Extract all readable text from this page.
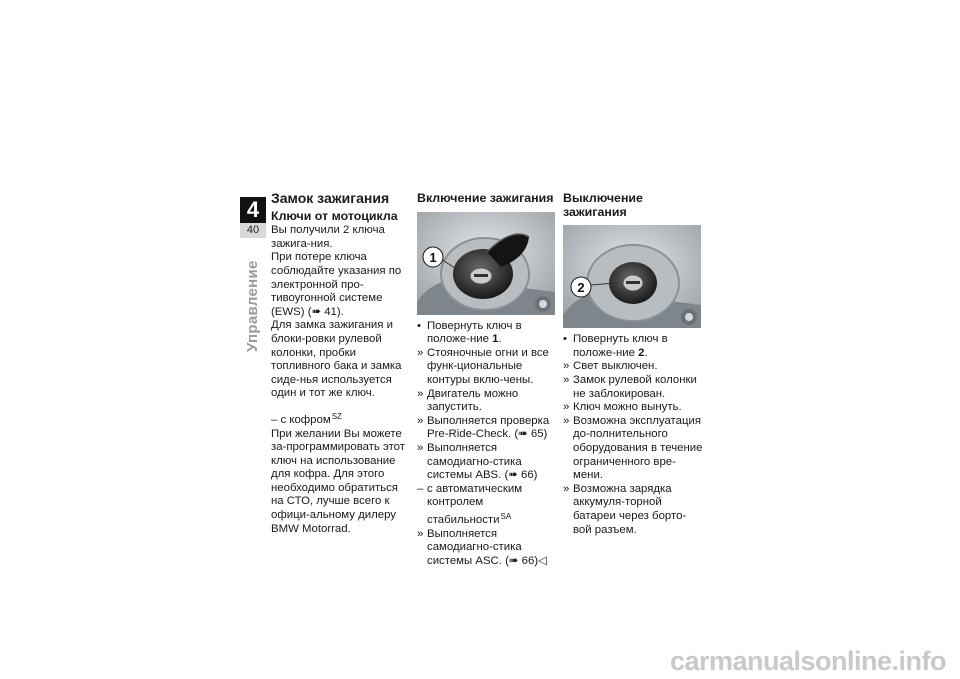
4
40
Управление
Замок зажигания
Ключи от мотоцикла

Вы получили 2 ключа зажига-ния.

При потере ключа соблюдайте указания по электронной про-тивоугонной системе (EWS) (➠ 41).

Для замка зажигания и блоки-ровки рулевой колонки, пробки топливного бака и замка сиде-нья используется один и тот же ключ.

– с кофром$^{SZ}$

При желании Вы можете за-программировать этот ключ на использование для кофра. Для этого необходимо обратиться на СТО, лучше всего к офици-альному дилеру BMW Motorrad.

Включение зажигания
1
• Повернуть ключ в положе-ние 1.
» Стояночные огни и все функ-циональные контуры вклю-чены.
» Двигатель можно запустить.
» Выполняется проверка Pre-Ride-Check. (➠ 65)
» Выполняется самодиагно-стика системы ABS. (➠ 66)
– с автоматическим контролем стабильности$^{SA}$
» Выполняется самодиагно-стика системы ASC. (➠ 66)◁
Выключение зажигания
2
• Повернуть ключ в положе-ние 2.
» Свет выключен.
» Замок рулевой колонки не заблокирован.
» Ключ можно вынуть.
» Возможна эксплуатация до-полнительного оборудования в течение ограниченного вре-мени.
» Возможна зарядка аккумуля-торной батареи через борто-вой разъем.
carmanualsonline.info
